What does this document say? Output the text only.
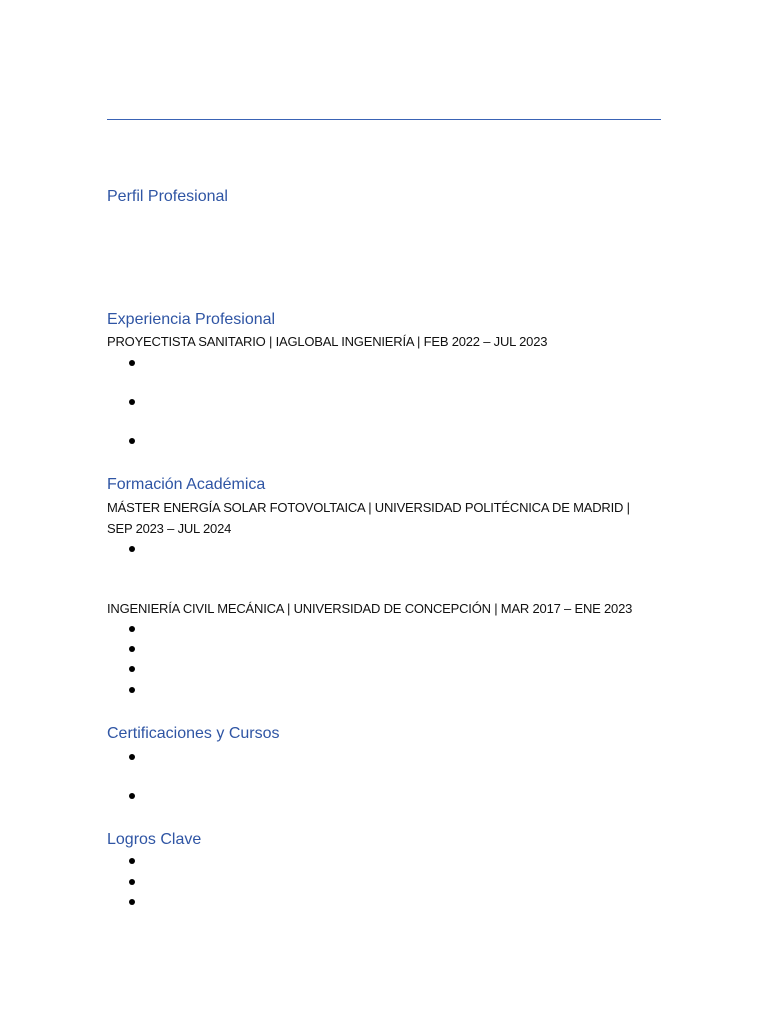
Perfil Profesional
Experiencia Profesional
PROYECTISTA SANITARIO | IAGLOBAL INGENIERÍA | FEB 2022 – JUL 2023
Formación Académica
MÁSTER ENERGÍA SOLAR FOTOVOLTAICA | UNIVERSIDAD POLITÉCNICA DE MADRID | SEP 2023 – JUL 2024
INGENIERÍA CIVIL MECÁNICA | UNIVERSIDAD DE CONCEPCIÓN | MAR 2017 – ENE 2023
Certificaciones y Cursos
Logros Clave
